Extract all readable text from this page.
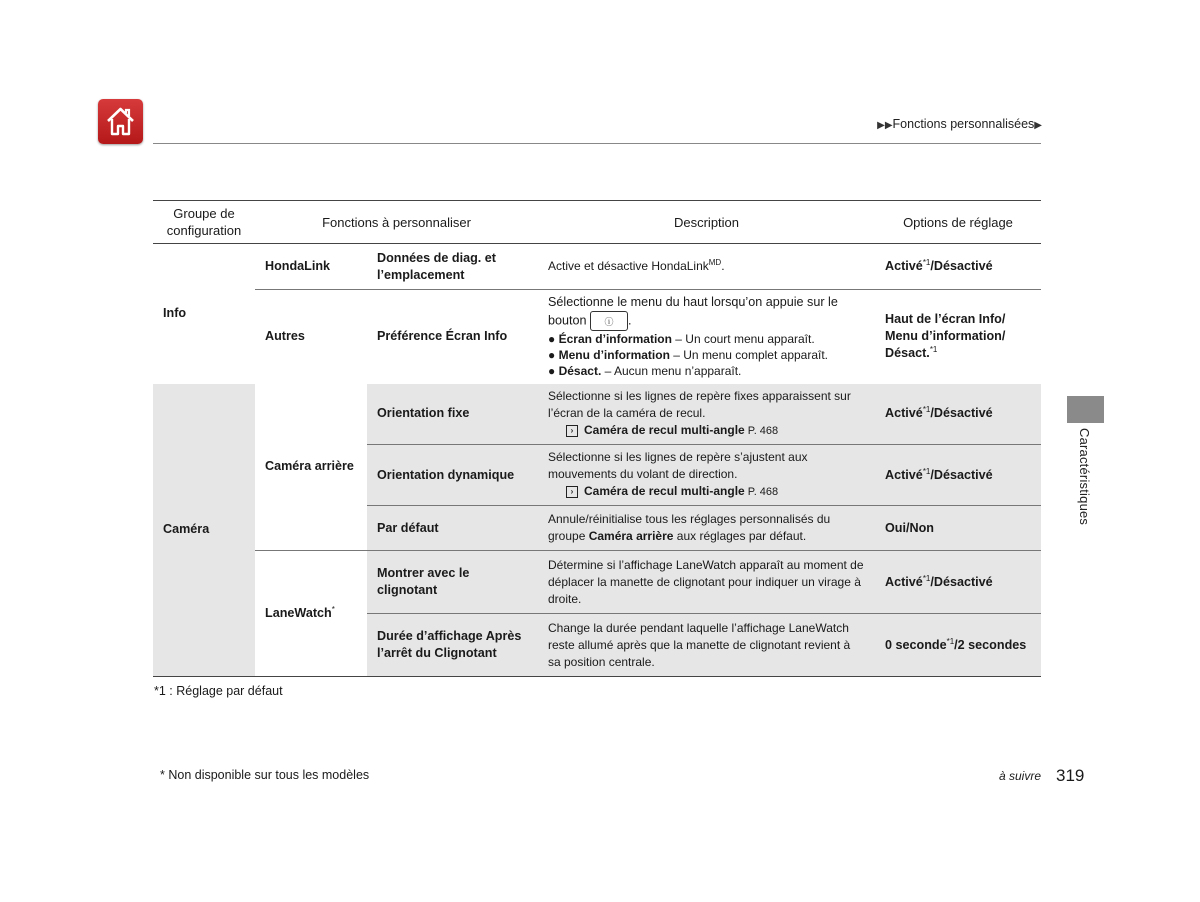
▶▶Fonctions personnalisées▶
Caractéristiques
Groupe de configuration	Fonctions à personnaliser		Description	Options de réglage
Info	HondaLink	Données de diag. et l’emplacement	Active et désactive HondaLink$^{MD}$.	Activé$^{*1}$/Désactivé
	Autres	Préférence Écran Info	Sélectionne le menu du haut lorsqu’on appuie sur le bouton ⓘ .
● Écran d’information – Un court menu apparaît.
● Menu d’information – Un menu complet apparaît.
● Désact. – Aucun menu n’apparaît.	Haut de l’écran Info/
Menu d’information/
Désact.$^{*1}$
Caméra	Caméra arrière	Orientation fixe	Sélectionne si les lignes de repère fixes apparaissent sur l’écran de la caméra de recul.
› Caméra de recul multi-angle P. 468	Activé$^{*1}$/Désactivé
		Orientation dynamique	Sélectionne si les lignes de repère s’ajustent aux mouvements du volant de direction.
› Caméra de recul multi-angle P. 468	Activé$^{*1}$/Désactivé
		Par défaut	Annule/réinitialise tous les réglages personnalisés du groupe Caméra arrière aux réglages par défaut.	Oui/Non
	LaneWatch*	Montrer avec le clignotant	Détermine si l’affichage LaneWatch apparaît au moment de déplacer la manette de clignotant pour indiquer un virage à droite.	Activé$^{*1}$/Désactivé
		Durée d’affichage Après l’arrêt du Clignotant	Change la durée pendant laquelle l’affichage LaneWatch reste allumé après que la manette de clignotant revient à sa position centrale.	0 seconde$^{*1}$/2 secondes
*1 : Réglage par défaut
* Non disponible sur tous les modèles	à suivre 319
